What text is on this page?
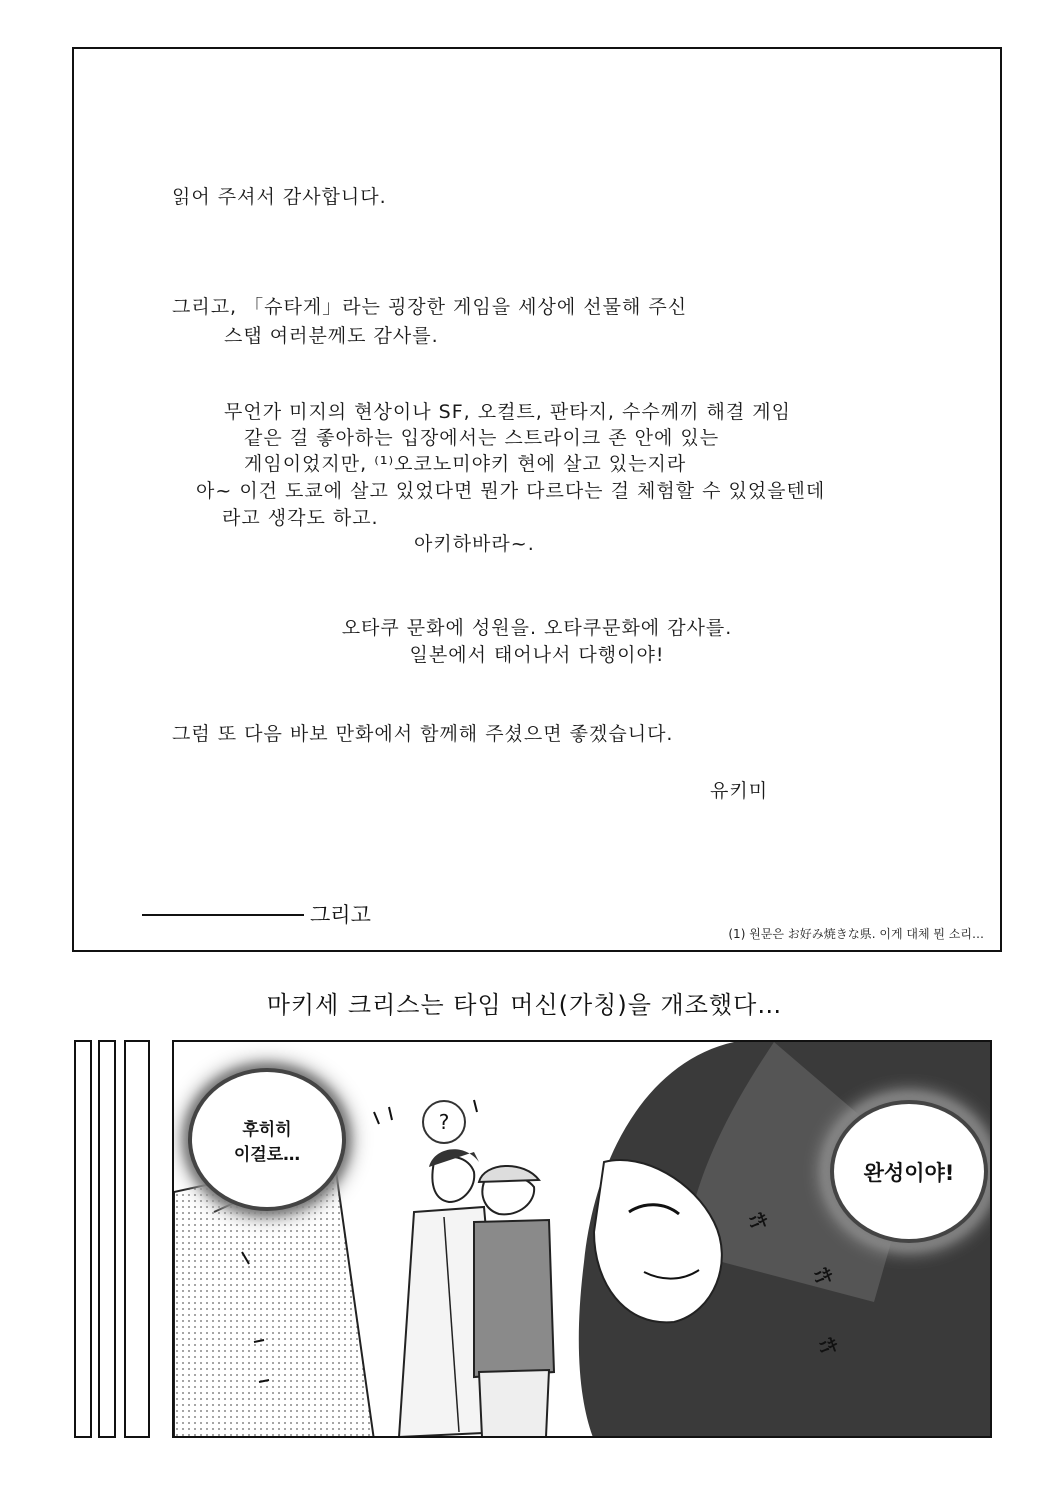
읽어 주셔서 감사합니다.
그리고, 「슈타게」라는 굉장한 게임을 세상에 선물해 주신
스탭 여러분께도 감사를.
무언가 미지의 현상이나 SF, 오컬트, 판타지, 수수께끼 해결 게임
같은 걸 좋아하는 입장에서는 스트라이크 존 안에 있는
게임이었지만, ⁽¹⁾오코노미야키 현에 살고 있는지라
아~ 이건 도쿄에 살고 있었다면 뭔가 다르다는 걸 체험할 수 있었을텐데
라고 생각도 하고.
아키하바라~.
오타쿠 문화에 성원을. 오타쿠문화에 감사를.
일본에서 태어나서 다행이야!
그럼 또 다음 바보 만화에서 함께해 주셨으면 좋겠습니다.
유키미
그리고
(1) 원문은 お好み焼きな県. 이게 대체 뭔 소리…
마키세 크리스는 타임 머신(가칭)을 개조했다…
후히히
이걸로…
완성이야!
?
ﾆｷ
ﾆｷ
ﾆｷ
